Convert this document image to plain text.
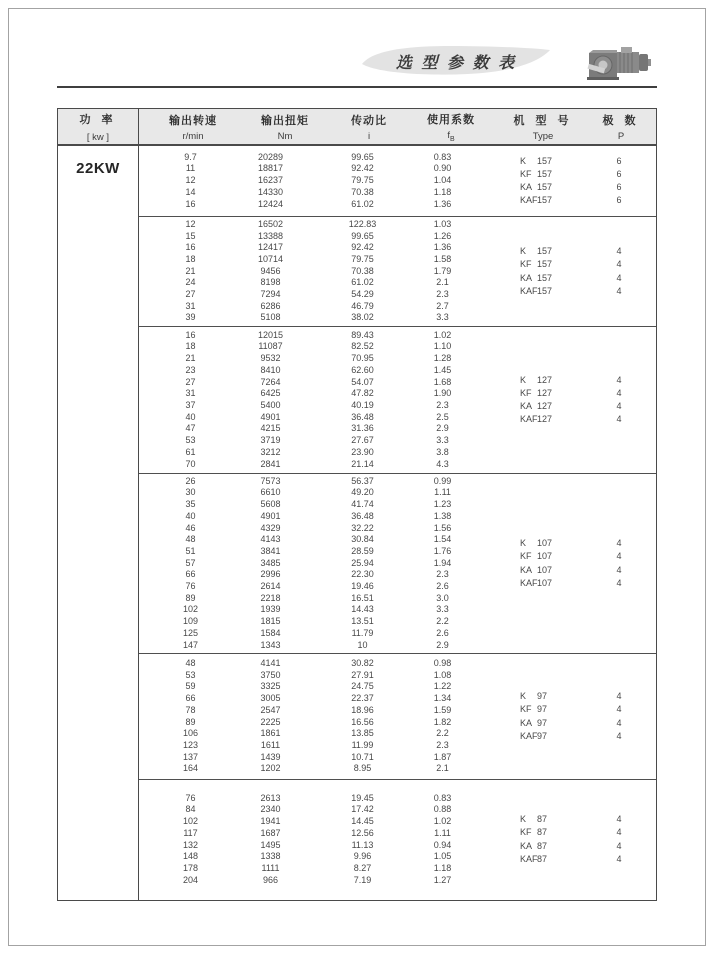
选 型 参 数 表
功 率
[ kw ]
输出转速
r/min
输出扭矩
Nm
传动比
i
使用系数
$f_B$
机 型 号
Type
极 数
P
22KW
9.7
11
12
14
16
20289
18817
16237
14330
12424
99.65
92.42
79.75
70.38
61.02
0.83
0.90
1.04
1.18
1.36
K 157
KF 157
KA 157
KAF157
6
6
6
6
12
15
16
18
21
24
27
31
39
16502
13388
12417
10714
9456
8198
7294
6286
5108
122.83
99.65
92.42
79.75
70.38
61.02
54.29
46.79
38.02
1.03
1.26
1.36
1.58
1.79
2.1
2.3
2.7
3.3
K 157
KF 157
KA 157
KAF157
4
4
4
4
16
18
21
23
27
31
37
40
47
53
61
70
12015
11087
9532
8410
7264
6425
5400
4901
4215
3719
3212
2841
89.43
82.52
70.95
62.60
54.07
47.82
40.19
36.48
31.36
27.67
23.90
21.14
1.02
1.10
1.28
1.45
1.68
1.90
2.3
2.5
2.9
3.3
3.8
4.3
K 127
KF 127
KA 127
KAF127
4
4
4
4
26
30
35
40
46
48
51
57
66
76
89
102
109
125
147
7573
6610
5608
4901
4329
4143
3841
3485
2996
2614
2218
1939
1815
1584
1343
56.37
49.20
41.74
36.48
32.22
30.84
28.59
25.94
22.30
19.46
16.51
14.43
13.51
11.79
10
0.99
1.11
1.23
1.38
1.56
1.54
1.76
1.94
2.3
2.6
3.0
3.3
2.2
2.6
2.9
K 107
KF 107
KA 107
KAF107
4
4
4
4
48
53
59
66
78
89
106
123
137
164
4141
3750
3325
3005
2547
2225
1861
1611
1439
1202
30.82
27.91
24.75
22.37
18.96
16.56
13.85
11.99
10.71
8.95
0.98
1.08
1.22
1.34
1.59
1.82
2.2
2.3
1.87
2.1
K 97
KF 97
KA 97
KAF97
4
4
4
4
76
84
102
117
132
148
178
204
2613
2340
1941
1687
1495
1338
1111
966
19.45
17.42
14.45
12.56
11.13
9.96
8.27
7.19
0.83
0.88
1.02
1.11
0.94
1.05
1.18
1.27
K 87
KF 87
KA 87
KAF87
4
4
4
4
